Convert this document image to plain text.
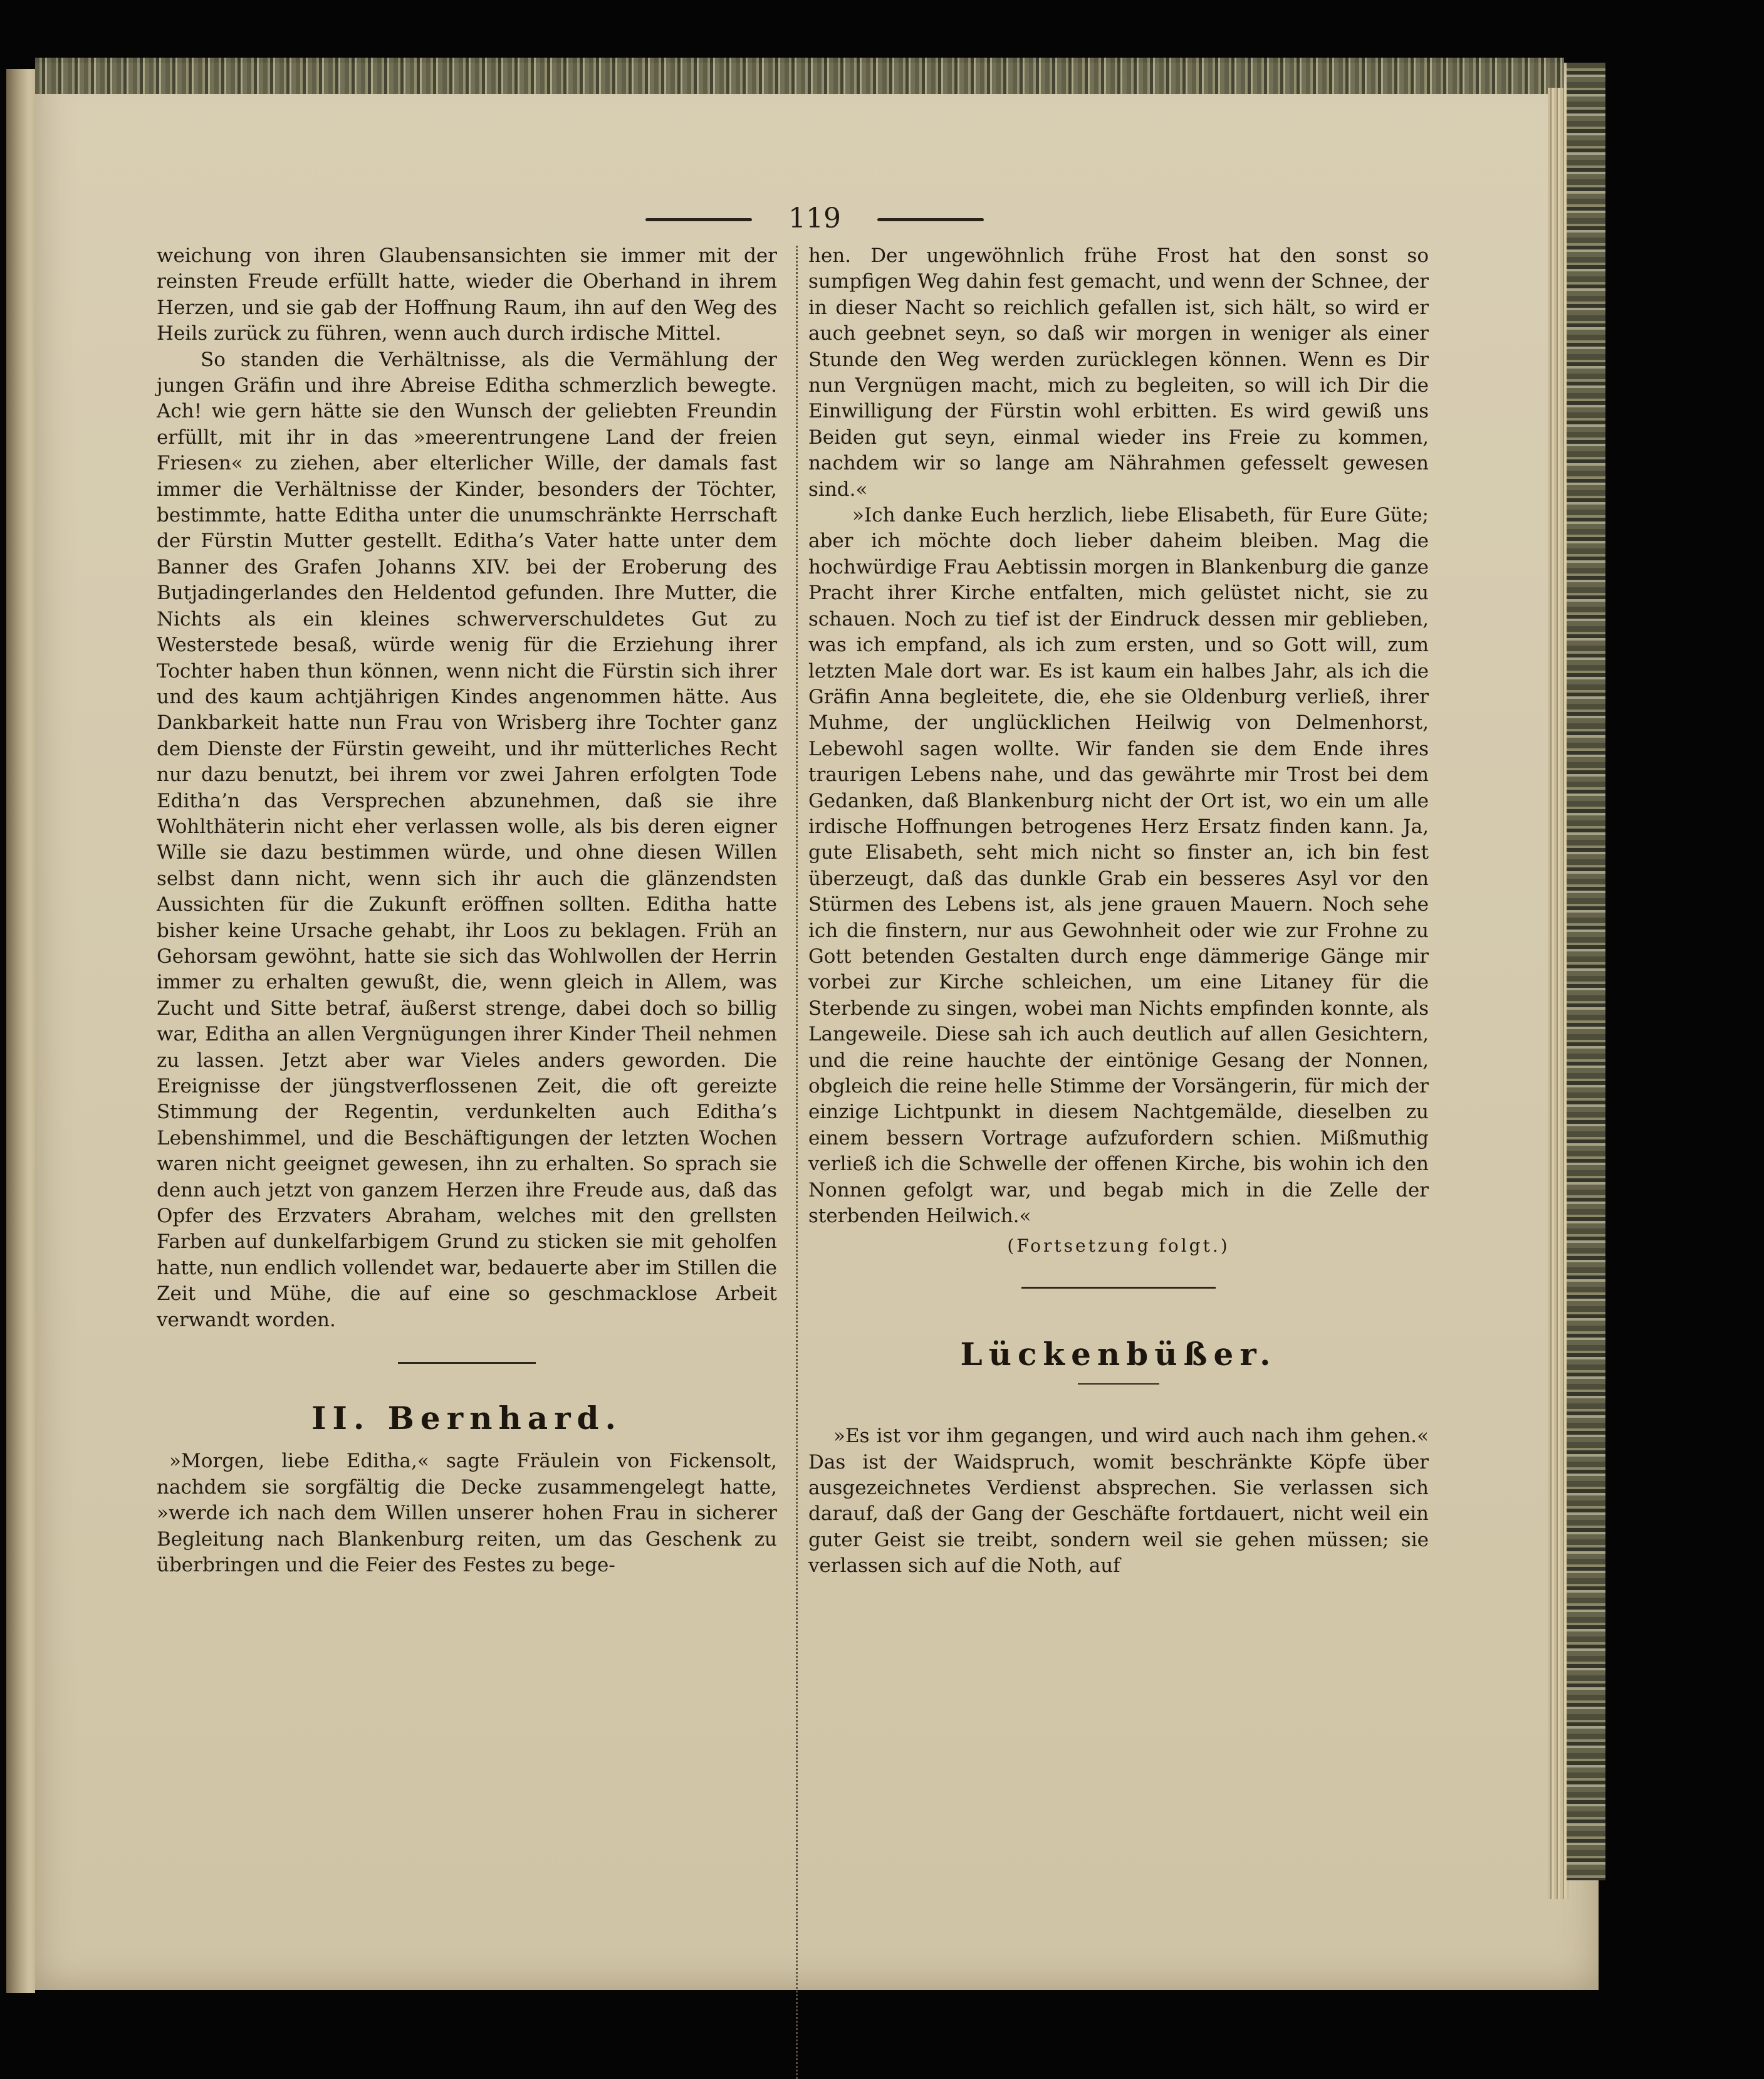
119

weichung von ihren Glaubensansichten sie immer mit der reinsten Freude erfüllt hatte, wieder die Oberhand in ihrem Herzen, und sie gab der Hoffnung Raum, ihn auf den Weg des Heils zurück zu führen, wenn auch durch irdische Mittel.

So standen die Verhältnisse, als die Vermählung der jungen Gräfin und ihre Abreise Editha schmerzlich bewegte. Ach! wie gern hätte sie den Wunsch der geliebten Freundin erfüllt, mit ihr in das »meerentrungene Land der freien Friesen« zu ziehen, aber elterlicher Wille, der damals fast immer die Verhältnisse der Kinder, besonders der Töchter, bestimmte, hatte Editha unter die unumschränkte Herrschaft der Fürstin Mutter gestellt. Editha’s Vater hatte unter dem Banner des Grafen Johanns XIV. bei der Eroberung des Butjadingerlandes den Heldentod gefunden. Ihre Mutter, die Nichts als ein kleines schwerverschuldetes Gut zu Westerstede besaß, würde wenig für die Erziehung ihrer Tochter haben thun können, wenn nicht die Fürstin sich ihrer und des kaum achtjährigen Kindes angenommen hätte. Aus Dankbarkeit hatte nun Frau von Wrisberg ihre Tochter ganz dem Dienste der Fürstin geweiht, und ihr mütterliches Recht nur dazu benutzt, bei ihrem vor zwei Jahren erfolgten Tode Editha’n das Versprechen abzunehmen, daß sie ihre Wohlthäterin nicht eher verlassen wolle, als bis deren eigner Wille sie dazu bestimmen würde, und ohne diesen Willen selbst dann nicht, wenn sich ihr auch die glänzendsten Aussichten für die Zukunft eröffnen sollten. Editha hatte bisher keine Ursache gehabt, ihr Loos zu beklagen. Früh an Gehorsam gewöhnt, hatte sie sich das Wohlwollen der Herrin immer zu erhalten gewußt, die, wenn gleich in Allem, was Zucht und Sitte betraf, äußerst strenge, dabei doch so billig war, Editha an allen Vergnügungen ihrer Kinder Theil nehmen zu lassen. Jetzt aber war Vieles anders geworden. Die Ereignisse der jüngstverflossenen Zeit, die oft gereizte Stimmung der Regentin, verdunkelten auch Editha’s Lebenshimmel, und die Beschäftigungen der letzten Wochen waren nicht geeignet gewesen, ihn zu erhalten. So sprach sie denn auch jetzt von ganzem Herzen ihre Freude aus, daß das Opfer des Erzvaters Abraham, welches mit den grellsten Farben auf dunkelfarbigem Grund zu sticken sie mit geholfen hatte, nun endlich vollendet war, bedauerte aber im Stillen die Zeit und Mühe, die auf eine so geschmacklose Arbeit verwandt worden.

II. Bernhard.

»Morgen, liebe Editha,« sagte Fräulein von Fickensolt, nachdem sie sorgfältig die Decke zusammengelegt hatte, »werde ich nach dem Willen unserer hohen Frau in sicherer Begleitung nach Blankenburg reiten, um das Geschenk zu überbringen und die Feier des Festes zu bege-

hen. Der ungewöhnlich frühe Frost hat den sonst so sumpfigen Weg dahin fest gemacht, und wenn der Schnee, der in dieser Nacht so reichlich gefallen ist, sich hält, so wird er auch geebnet seyn, so daß wir morgen in weniger als einer Stunde den Weg werden zurücklegen können. Wenn es Dir nun Vergnügen macht, mich zu begleiten, so will ich Dir die Einwilligung der Fürstin wohl erbitten. Es wird gewiß uns Beiden gut seyn, einmal wieder ins Freie zu kommen, nachdem wir so lange am Nährahmen gefesselt gewesen sind.«

»Ich danke Euch herzlich, liebe Elisabeth, für Eure Güte; aber ich möchte doch lieber daheim bleiben. Mag die hochwürdige Frau Aebtissin morgen in Blankenburg die ganze Pracht ihrer Kirche entfalten, mich gelüstet nicht, sie zu schauen. Noch zu tief ist der Eindruck dessen mir geblieben, was ich empfand, als ich zum ersten, und so Gott will, zum letzten Male dort war. Es ist kaum ein halbes Jahr, als ich die Gräfin Anna begleitete, die, ehe sie Oldenburg verließ, ihrer Muhme, der unglücklichen Heilwig von Delmenhorst, Lebewohl sagen wollte. Wir fanden sie dem Ende ihres traurigen Lebens nahe, und das gewährte mir Trost bei dem Gedanken, daß Blankenburg nicht der Ort ist, wo ein um alle irdische Hoffnungen betrogenes Herz Ersatz finden kann. Ja, gute Elisabeth, seht mich nicht so finster an, ich bin fest überzeugt, daß das dunkle Grab ein besseres Asyl vor den Stürmen des Lebens ist, als jene grauen Mauern. Noch sehe ich die finstern, nur aus Gewohnheit oder wie zur Frohne zu Gott betenden Gestalten durch enge dämmerige Gänge mir vorbei zur Kirche schleichen, um eine Litaney für die Sterbende zu singen, wobei man Nichts empfinden konnte, als Langeweile. Diese sah ich auch deutlich auf allen Gesichtern, und die reine hauchte der eintönige Gesang der Nonnen, obgleich die reine helle Stimme der Vorsängerin, für mich der einzige Lichtpunkt in diesem Nachtgemälde, dieselben zu einem bessern Vortrage aufzufordern schien. Mißmuthig verließ ich die Schwelle der offenen Kirche, bis wohin ich den Nonnen gefolgt war, und begab mich in die Zelle der sterbenden Heilwich.«

(Fortsetzung folgt.)

Lückenbüßer.

»Es ist vor ihm gegangen, und wird auch nach ihm gehen.« Das ist der Waidspruch, womit beschränkte Köpfe über ausgezeichnetes Verdienst absprechen. Sie verlassen sich darauf, daß der Gang der Geschäfte fortdauert, nicht weil ein guter Geist sie treibt, sondern weil sie gehen müssen; sie verlassen sich auf die Noth, auf
